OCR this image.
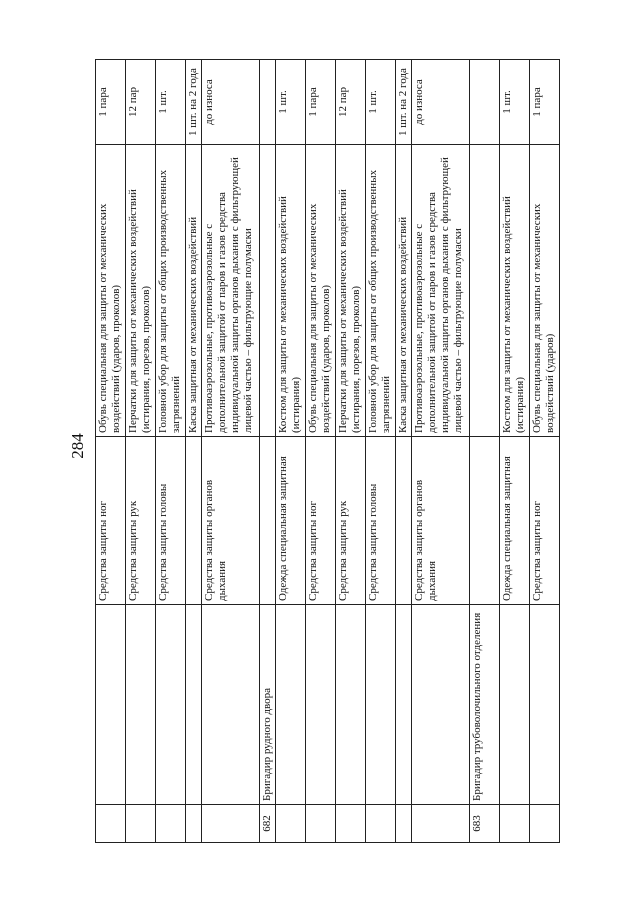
284
		Средства защиты ног	Обувь специальная для защиты от механических воздействий (ударов, проколов)	1 пара
		Средства защиты рук	Перчатки для защиты от механических воздействий (истирания, порезов, проколов)	12 пар
		Средства защиты головы	Головной убор для защиты от общих производственных загрязнений	1 шт.
			Каска защитная от механических воздействий	1 шт. на 2 года
		Средства защиты органов дыхания	Противоаэрозольные, противоаэрозольные с дополнительной защитой от паров и газов средства индивидуальной защиты органов дыхания с фильтрующей лицевой частью – фильтрующие полумаски	до износа
682	Бригадир рудного двора			
		Одежда специальная защитная	Костюм для защиты от механических воздействий (истирания)	1 шт.
		Средства защиты ног	Обувь специальная для защиты от механических воздействий (ударов, проколов)	1 пара
		Средства защиты рук	Перчатки для защиты от механических воздействий (истирания, порезов, проколов)	12 пар
		Средства защиты головы	Головной убор для защиты от общих производственных загрязнений	1 шт.
			Каска защитная от механических воздействий	1 шт. на 2 года
		Средства защиты органов дыхания	Противоаэрозольные, противоаэрозольные с дополнительной защитой от паров и газов средства индивидуальной защиты органов дыхания с фильтрующей лицевой частью – фильтрующие полумаски	до износа
683	Бригадир трубоволочильного отделения			
		Одежда специальная защитная	Костюм для защиты от механических воздействий (истирания)	1 шт.
		Средства защиты ног	Обувь специальная для защиты от механических воздействий (ударов)	1 пара
